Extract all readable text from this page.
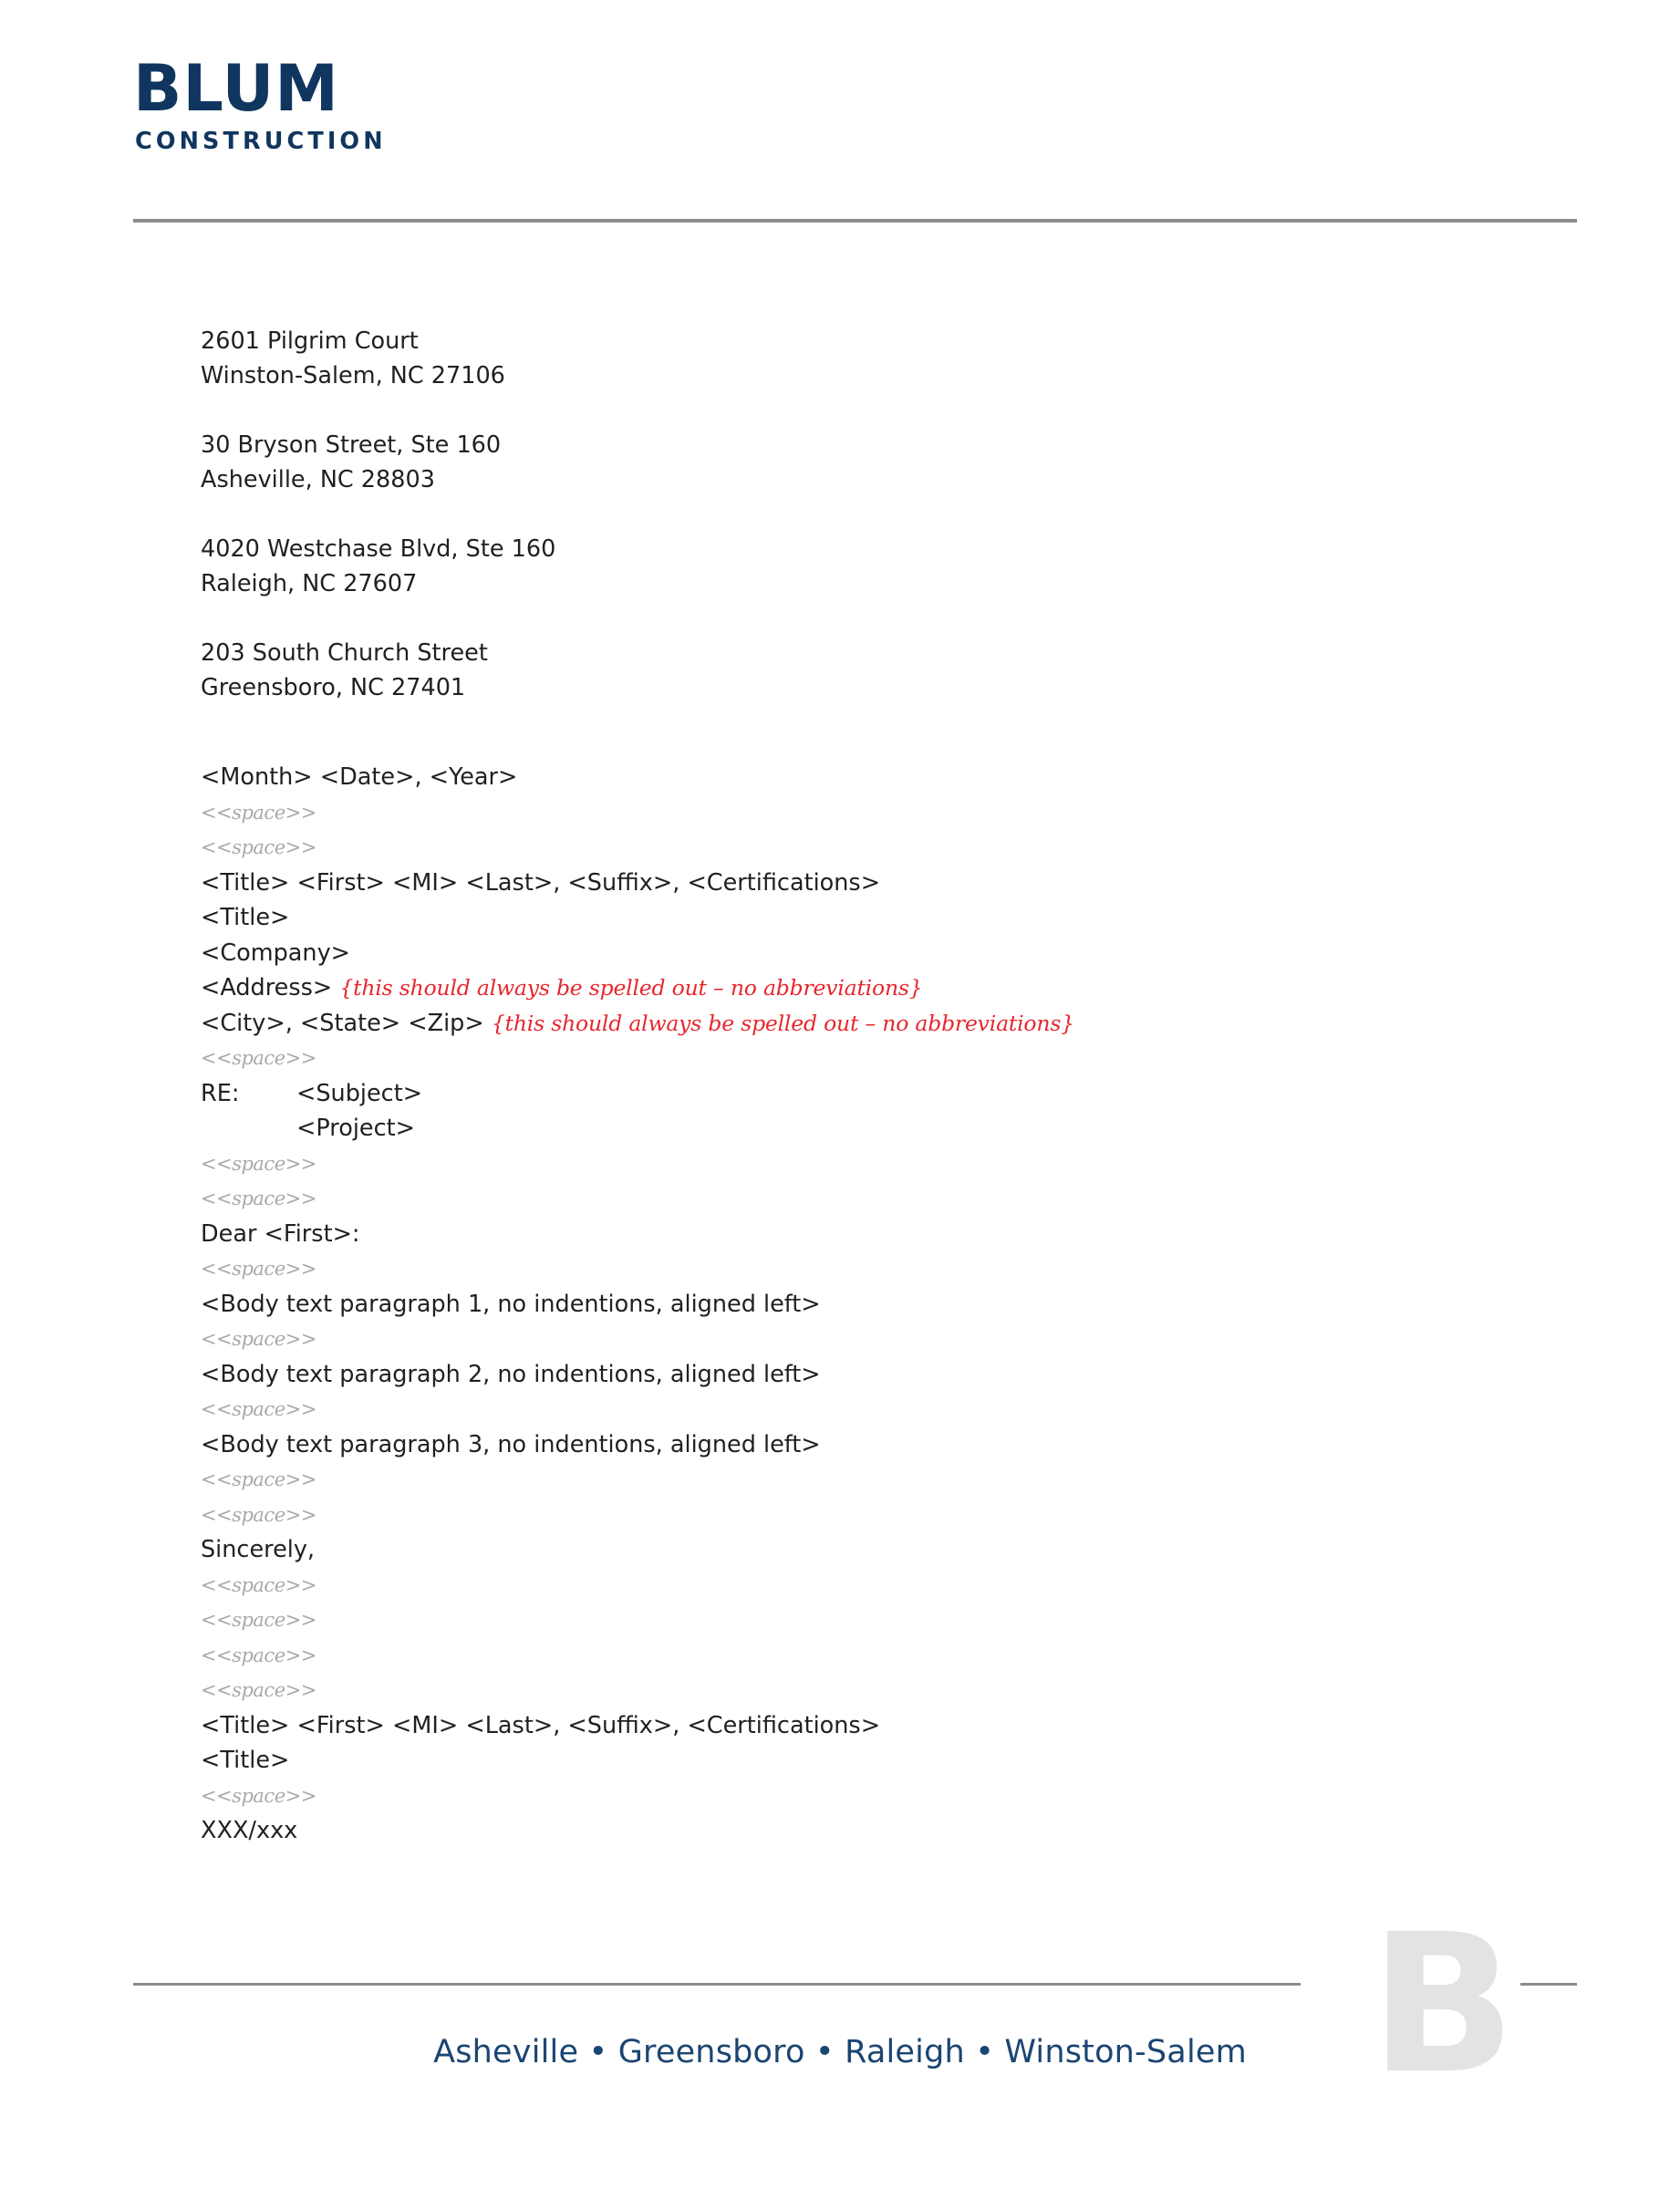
BLUM
CONSTRUCTION
2601 Pilgrim Court
Winston-Salem, NC 27106
30 Bryson Street, Ste 160
Asheville, NC 28803
4020 Westchase Blvd, Ste 160
Raleigh, NC 27607
203 South Church Street
Greensboro, NC 27401
<Month> <Date>, <Year>
<<space>>
<<space>>
<Title> <First> <MI> <Last>, <Suffix>, <Certifications>
<Title>
<Company>
<Address> {this should always be spelled out – no abbreviations}
<City>, <State> <Zip> {this should always be spelled out – no abbreviations}
<<space>>
RE: <Subject>
<Project>
<<space>>
<<space>>
Dear <First>:
<<space>>
<Body text paragraph 1, no indentions, aligned left>
<<space>>
<Body text paragraph 2, no indentions, aligned left>
<<space>>
<Body text paragraph 3, no indentions, aligned left>
<<space>>
<<space>>
Sincerely,
<<space>>
<<space>>
<<space>>
<<space>>
<Title> <First> <MI> <Last>, <Suffix>, <Certifications>
<Title>
<<space>>
XXX/xxx
B
Asheville • Greensboro • Raleigh • Winston-Salem
